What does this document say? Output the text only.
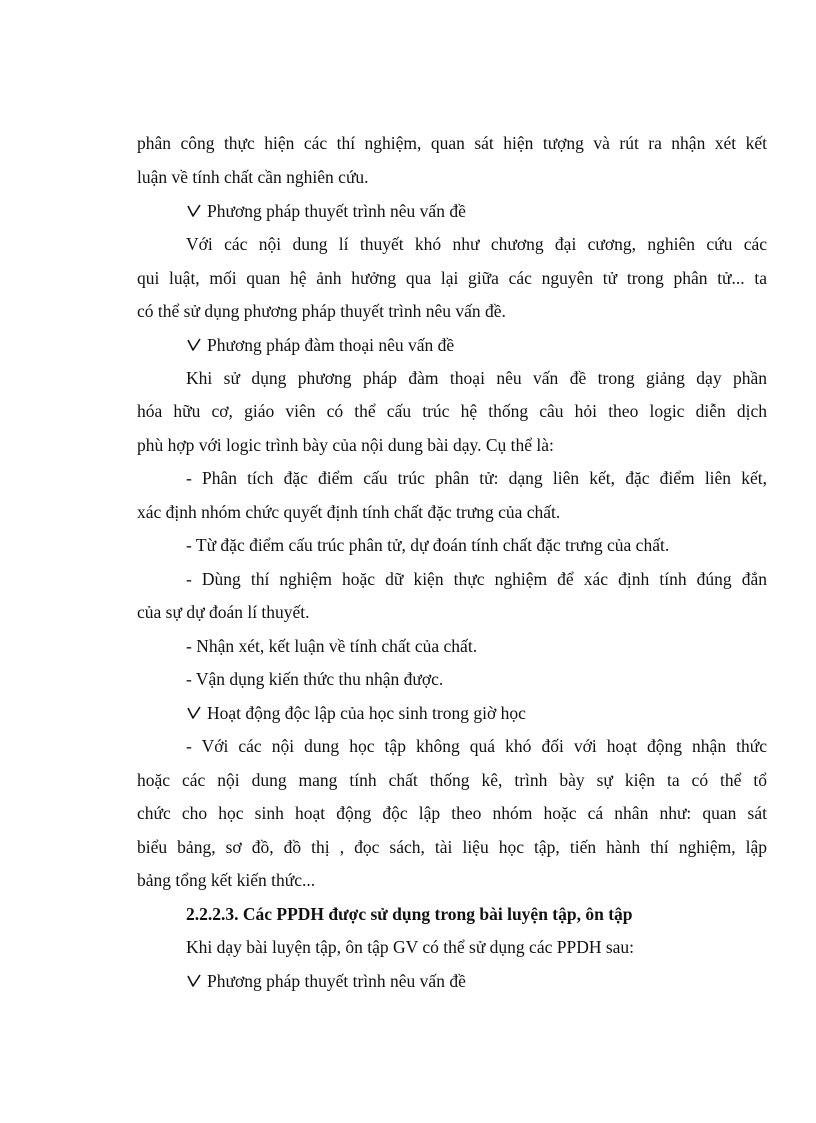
phân công thực hiện các thí nghiệm, quan sát hiện tượng và rút ra nhận xét kết
luận về tính chất cần nghiên cứu.
Phương pháp thuyết trình nêu vấn đề
Với các nội dung lí thuyết khó như chương đại cương, nghiên cứu các
qui luật, mối quan hệ ảnh hưởng qua lại giữa các nguyên tử trong phân tử... ta
có thể sử dụng phương pháp thuyết trình nêu vấn đề.
Phương pháp đàm thoại nêu vấn đề
Khi sử dụng phương pháp đàm thoại nêu vấn đề trong giảng dạy phần
hóa hữu cơ, giáo viên có thể cấu trúc hệ thống câu hỏi theo logic diễn dịch
phù hợp với logic trình bày của nội dung bài dạy. Cụ thể là:
- Phân tích đặc điểm cấu trúc phân tử: dạng liên kết, đặc điểm liên kết,
xác định nhóm chức quyết định tính chất đặc trưng của chất.
- Từ đặc điểm cấu trúc phân tử, dự đoán tính chất đặc trưng của chất.
- Dùng thí nghiệm hoặc dữ kiện thực nghiệm để xác định tính đúng đắn
của sự dự đoán lí thuyết.
- Nhận xét, kết luận về tính chất của chất.
- Vận dụng kiến thức thu nhận được.
Hoạt động độc lập của học sinh trong giờ học
- Với các nội dung học tập không quá khó đối với hoạt động nhận thức
hoặc các nội dung mang tính chất thống kê, trình bày sự kiện ta có thể tổ
chức cho học sinh hoạt động độc lập theo nhóm hoặc cá nhân như: quan sát
biểu bảng, sơ đồ, đồ thị , đọc sách, tài liệu học tập, tiến hành thí nghiệm, lập
bảng tổng kết kiến thức...
2.2.2.3. Các PPDH được sử dụng trong bài luyện tập, ôn tập
Khi dạy bài luyện tập, ôn tập GV có thể sử dụng các PPDH sau:
Phương pháp thuyết trình nêu vấn đề
